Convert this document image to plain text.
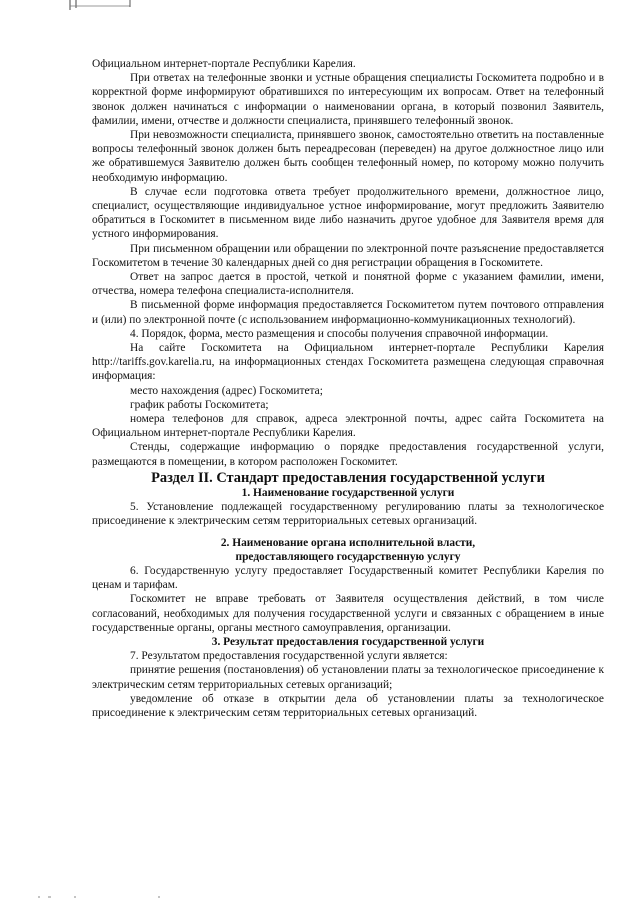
Официальном интернет-портале Республики Карелия.

При ответах на телефонные звонки и устные обращения специалисты Госкомитета подробно и в корректной форме информируют обратившихся по интересующим их вопросам. Ответ на телефонный звонок должен начинаться с информации о наименовании органа, в который позвонил Заявитель, фамилии, имени, отчестве и должности специалиста, принявшего телефонный звонок.

При невозможности специалиста, принявшего звонок, самостоятельно ответить на поставленные вопросы телефонный звонок должен быть переадресован (переведен) на другое должностное лицо или же обратившемуся Заявителю должен быть сообщен телефонный номер, по которому можно получить необходимую информацию.

В случае если подготовка ответа требует продолжительного времени, должностное лицо, специалист, осуществляющие индивидуальное устное информирование, могут предложить Заявителю обратиться в Госкомитет в письменном виде либо назначить другое удобное для Заявителя время для устного информирования.

При письменном обращении или обращении по электронной почте разъяснение предоставляется Госкомитетом в течение 30 календарных дней со дня регистрации обращения в Госкомитете.

Ответ на запрос дается в простой, четкой и понятной форме с указанием фамилии, имени, отчества, номера телефона специалиста-исполнителя.

В письменной форме информация предоставляется Госкомитетом путем почтового отправления и (или) по электронной почте (с использованием информационно-коммуникационных технологий).

4. Порядок, форма, место размещения и способы получения справочной информации.

На сайте Госкомитета на Официальном интернет-портале Республики Карелия http://tariffs.gov.karelia.ru, на информационных стендах Госкомитета размещена следующая справочная информация:

место нахождения (адрес) Госкомитета;

график работы Госкомитета;

номера телефонов для справок, адреса электронной почты, адрес сайта Госкомитета на Официальном интернет-портале Республики Карелия.

Стенды, содержащие информацию о порядке предоставления государственной услуги, размещаются в помещении, в котором расположен Госкомитет.

Раздел II. Стандарт предоставления государственной услуги
1. Наименование государственной услуги

5. Установление подлежащей государственному регулированию платы за технологическое присоединение к электрическим сетям территориальных сетевых организаций.

2. Наименование органа исполнительной власти,
предоставляющего государственную услугу

6. Государственную услугу предоставляет Государственный комитет Республики Карелия по ценам и тарифам.

Госкомитет не вправе требовать от Заявителя осуществления действий, в том числе согласований, необходимых для получения государственной услуги и связанных с обращением в иные государственные органы, органы местного самоуправления, организации.

3. Результат предоставления государственной услуги

7. Результатом предоставления государственной услуги является:

принятие решения (постановления) об установлении платы за технологическое присоединение к электрическим сетям территориальных сетевых организаций;

уведомление об отказе в открытии дела об установлении платы за технологическое присоединение к электрическим сетям территориальных сетевых организаций.
